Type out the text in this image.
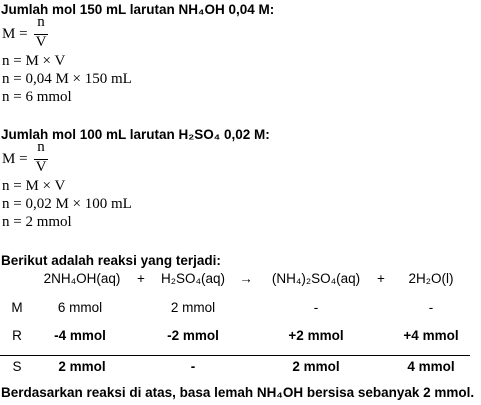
Jumlah mol 150 mL larutan NH₄OH 0,04 M:
M =
n
V
n = M × V
n = 0,04 M × 150 mL
n = 6 mmol
Jumlah mol 100 mL larutan H₂SO₄ 0,02 M:
M =
n
V
n = M × V
n = 0,02 M × 100 mL
n = 2 mmol
Berikut adalah reaksi yang terjadi:
2NH₄OH(aq) + H₂SO₄(aq) → (NH₄)₂SO₄(aq) + 2H₂O(l)
M	6 mmol	2 mmol	-	-
R -4 mmol	-2 mmol	+2 mmol	+4 mmol
S	2 mmol	-	2 mmol	4 mmol
Berdasarkan reaksi di atas, basa lemah NH₄OH bersisa sebanyak 2 mmol.
